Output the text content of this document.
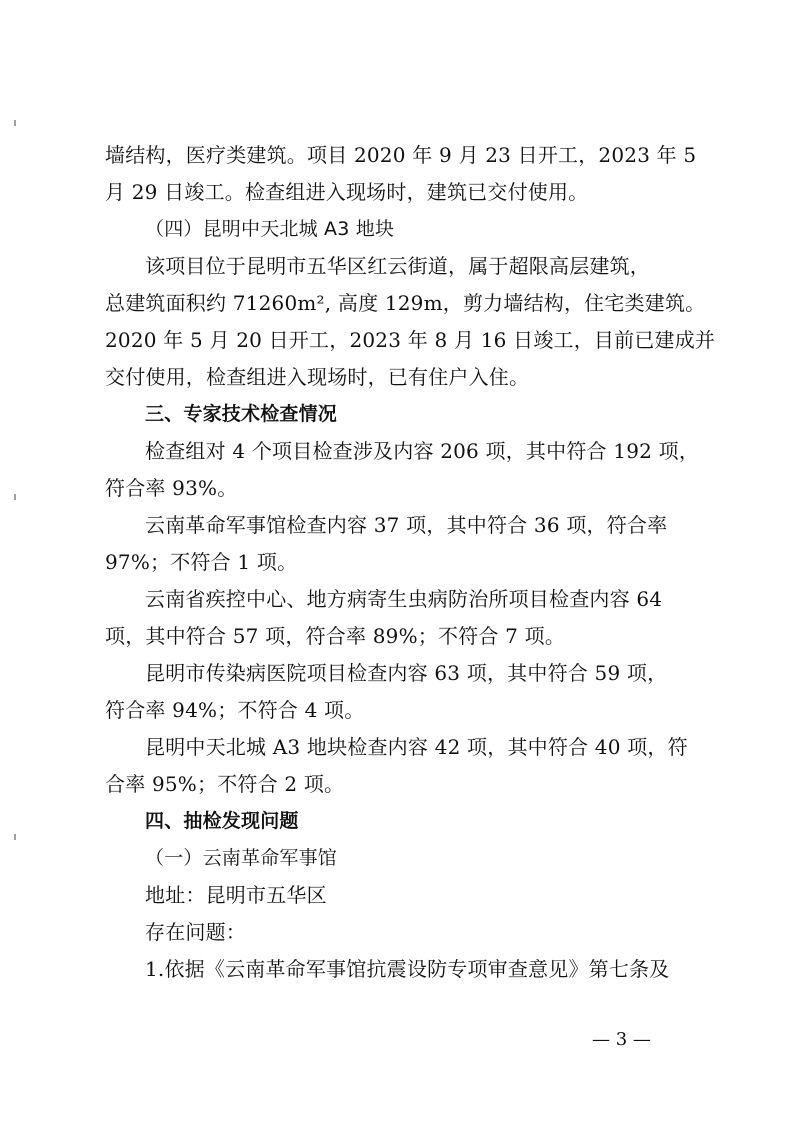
墙结构，医疗类建筑。项目 2020 年 9 月 23 日开工，2023 年 5
月 29 日竣工。检查组进入现场时，建筑已交付使用。
（四）昆明中天北城 A3 地块
该项目位于昆明市五华区红云街道，属于超限高层建筑，
总建筑面积约 71260m², 高度 129m，剪力墙结构，住宅类建筑。
2020 年 5 月 20 日开工，2023 年 8 月 16 日竣工，目前已建成并
交付使用，检查组进入现场时，已有住户入住。
三、专家技术检查情况
检查组对 4 个项目检查涉及内容 206 项，其中符合 192 项，
符合率 93%。
云南革命军事馆检查内容 37 项，其中符合 36 项，符合率
97%；不符合 1 项。
云南省疾控中心、地方病寄生虫病防治所项目检查内容 64
项，其中符合 57 项，符合率 89%；不符合 7 项。
昆明市传染病医院项目检查内容 63 项，其中符合 59 项，
符合率 94%；不符合 4 项。
昆明中天北城 A3 地块检查内容 42 项，其中符合 40 项，符
合率 95%；不符合 2 项。
四、抽检发现问题
（一）云南革命军事馆
地址：昆明市五华区
存在问题：
1.依据《云南革命军事馆抗震设防专项审查意见》第七条及
— 3 —
